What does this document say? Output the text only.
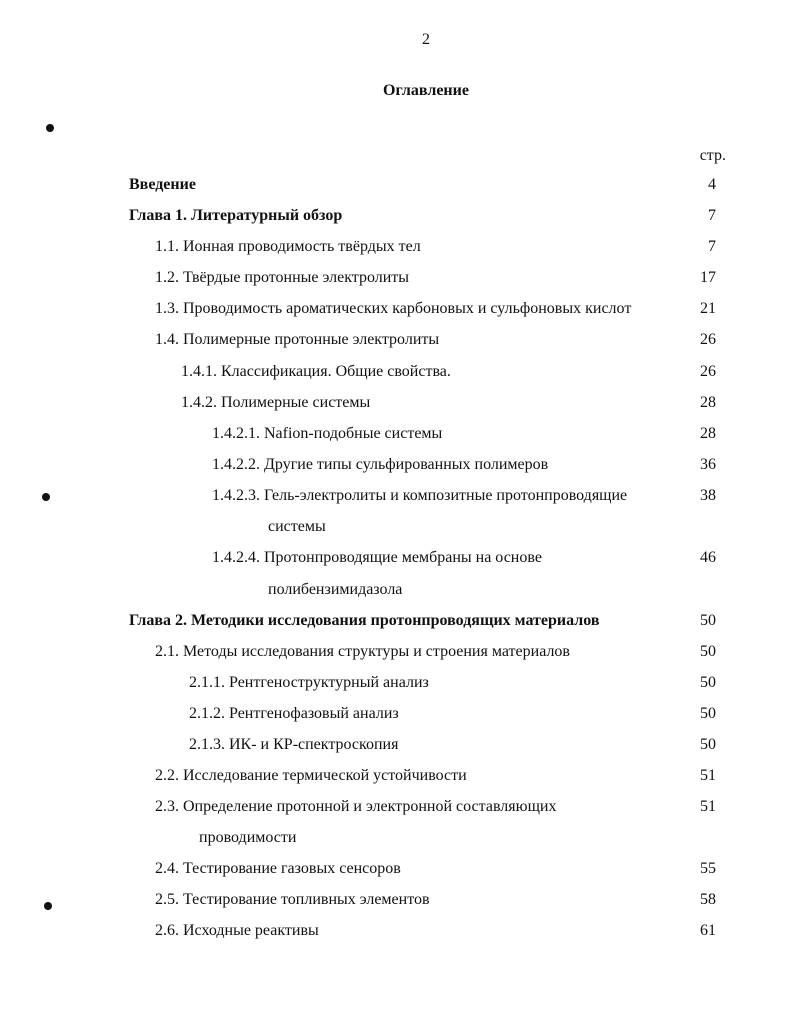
2
Оглавление
стр.
Введение	4
Глава 1. Литературный обзор	7
1.1. Ионная проводимость твёрдых тел	7
1.2. Твёрдые протонные электролиты	17
1.3. Проводимость ароматических карбоновых и сульфоновых кислот	21
1.4. Полимерные протонные электролиты	26
1.4.1. Классификация. Общие свойства.	26
1.4.2. Полимерные системы	28
1.4.2.1. Nafion-подобные системы	28
1.4.2.2. Другие типы сульфированных полимеров	36
1.4.2.3. Гель-электролиты и композитные протонпроводящие	38
системы
1.4.2.4. Протонпроводящие мембраны на основе	46
полибензимидазола
Глава 2. Методики исследования протонпроводящих материалов	50
2.1. Методы исследования структуры и строения материалов	50
2.1.1. Рентгеноструктурный анализ	50
2.1.2. Рентгенофазовый анализ	50
2.1.3. ИК- и КР-спектроскопия	50
2.2. Исследование термической устойчивости	51
2.3. Определение протонной и электронной составляющих	51
проводимости
2.4. Тестирование газовых сенсоров	55
2.5. Тестирование топливных элементов	58
2.6. Исходные реактивы	61
